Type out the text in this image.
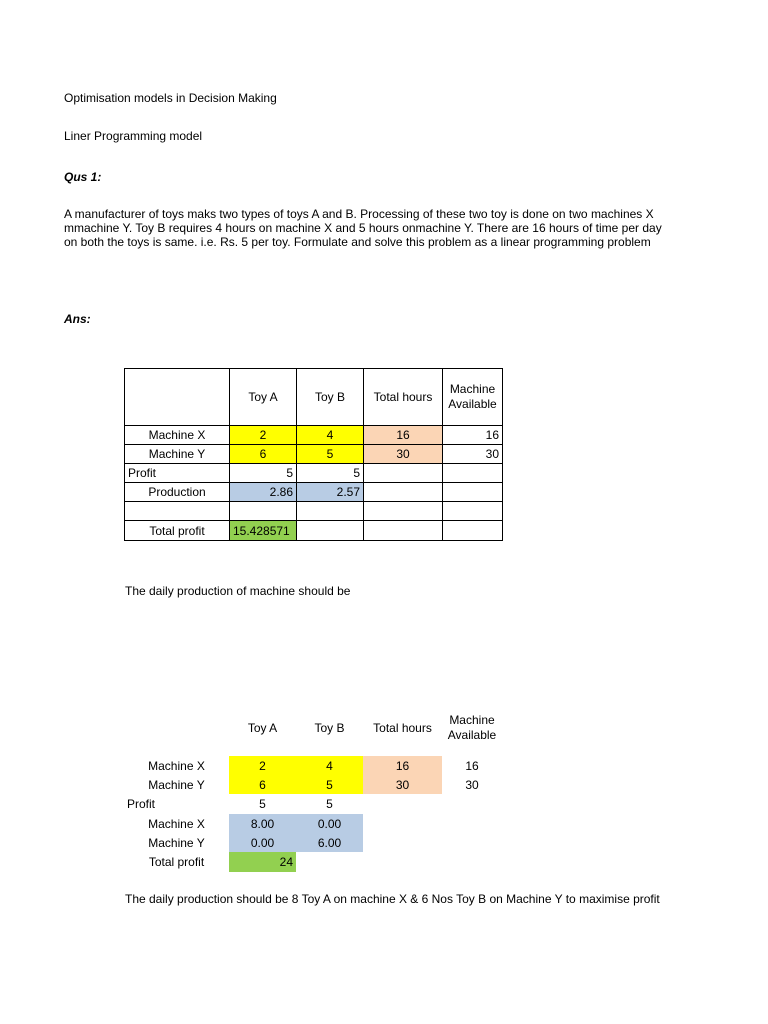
Optimisation models in Decision Making
Liner Programming model
Qus 1:
A manufacturer of toys maks two types of toys A and B. Processing of these two toy is done on two machines X
mmachine Y. Toy B requires 4 hours on machine X and 5 hours onmachine Y. There are 16 hours of time per day
on both the toys is same. i.e. Rs. 5 per toy. Formulate and solve this problem as a linear programming problem
Ans:
	Toy A	Toy B	Total hours	Machine Available
Machine X	2	4	16	16
Machine Y	6	5	30	30
Profit	5	5		
Production	2.86	2.57		

Total profit	15.428571			
The daily production of machine should be
	Toy A	Toy B	Total hours	Machine Available

Machine X	2	4	16	16
Machine Y	6	5	30	30
Profit	5	5		
Machine X	8.00	0.00		
Machine Y	0.00	6.00		
Total profit	24			
The daily production should be 8 Toy A on machine X & 6 Nos Toy B on Machine Y to maximise profit
